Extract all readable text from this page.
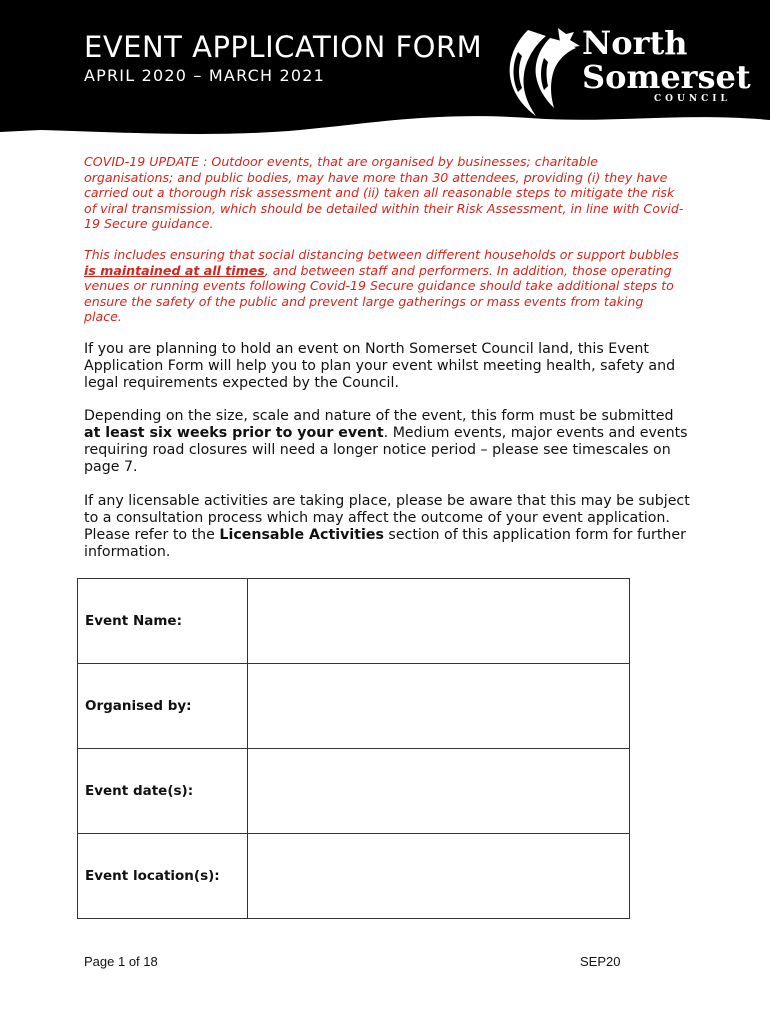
EVENT APPLICATION FORM
APRIL 2020 – MARCH 2021
North
Somerset
COUNCIL

COVID-19 UPDATE : Outdoor events, that are organised by businesses; charitable organisations; and public bodies, may have more than 30 attendees, providing (i) they have carried out a thorough risk assessment and (ii) taken all reasonable steps to mitigate the risk of viral transmission, which should be detailed within their Risk Assessment, in line with Covid-19 Secure guidance.

This includes ensuring that social distancing between different households or support bubbles is maintained at all times, and between staff and performers. In addition, those operating venues or running events following Covid-19 Secure guidance should take additional steps to ensure the safety of the public and prevent large gatherings or mass events from taking place.

If you are planning to hold an event on North Somerset Council land, this Event Application Form will help you to plan your event whilst meeting health, safety and legal requirements expected by the Council.

Depending on the size, scale and nature of the event, this form must be submitted at least six weeks prior to your event. Medium events, major events and events requiring road closures will need a longer notice period – please see timescales on page 7.

If any licensable activities are taking place, please be aware that this may be subject to a consultation process which may affect the outcome of your event application. Please refer to the Licensable Activities section of this application form for further information.

Event Name:	
Organised by:	
Event date(s):	
Event location(s):	
Page 1 of 18	SEP20
